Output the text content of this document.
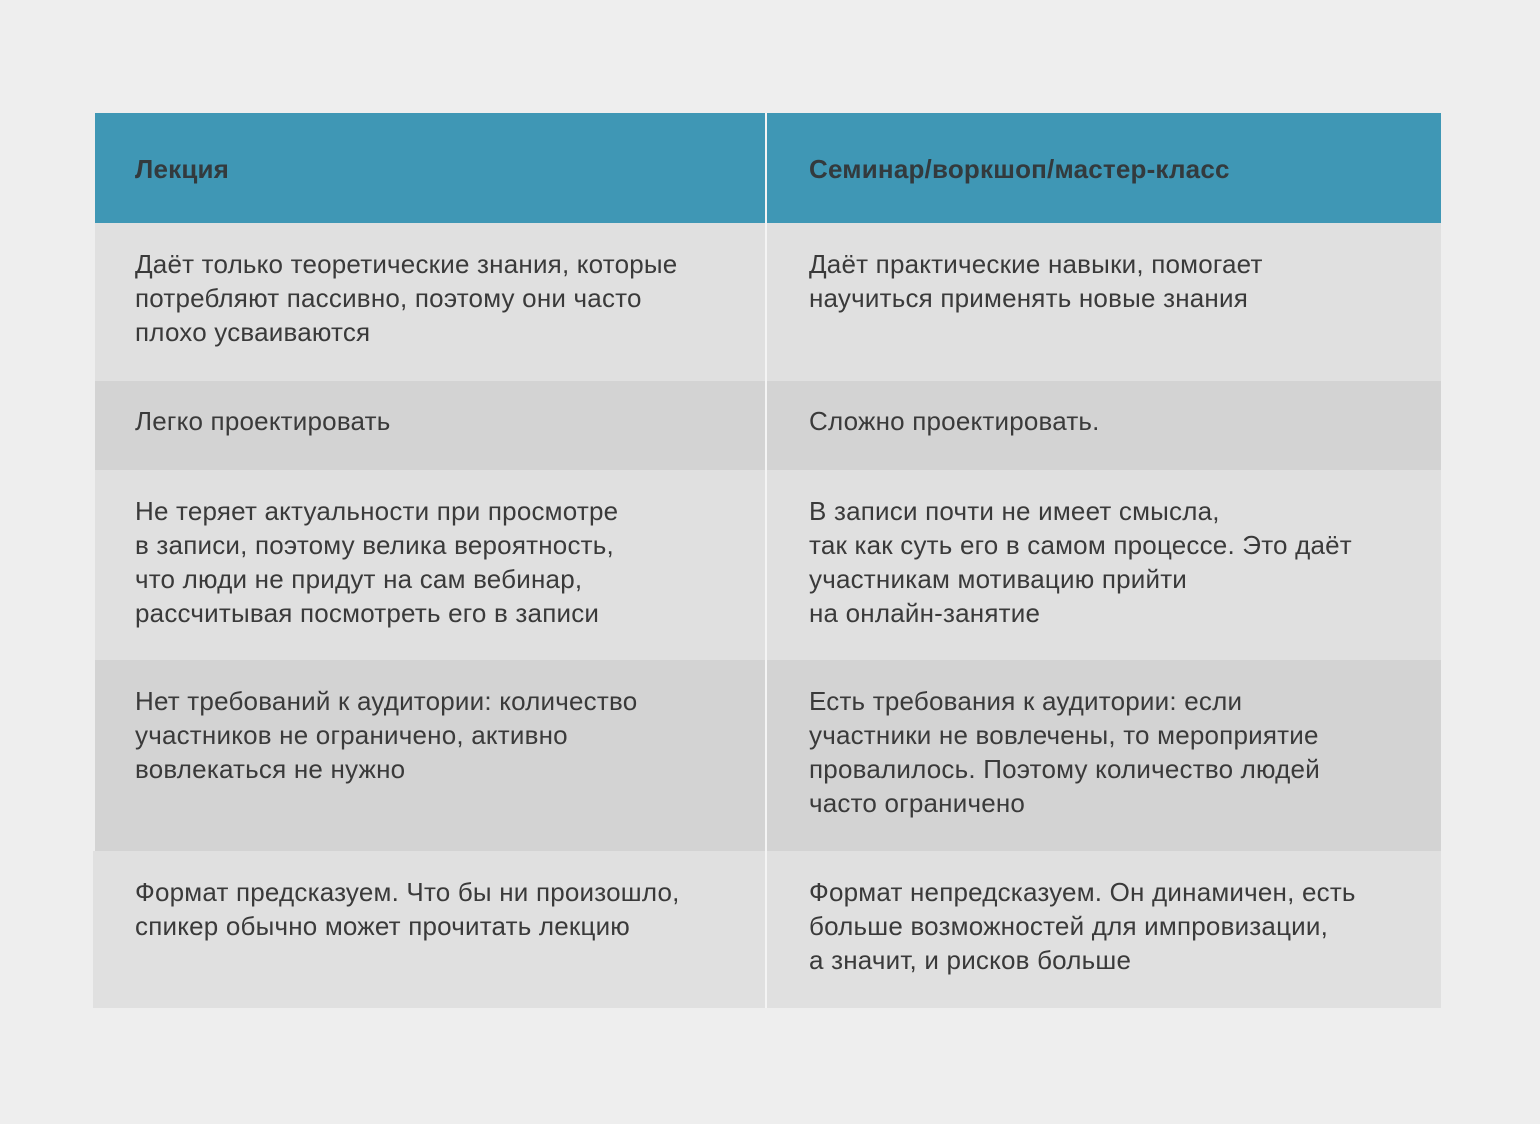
Лекция	Семинар/воркшоп/мастер-класс
Даёт только теоретические знания, которые
потребляют пассивно, поэтому они часто
плохо усваиваются
Даёт практические навыки, помогает
научиться применять новые знания
Легко проектировать	Сложно проектировать.
Не теряет актуальности при просмотре
в записи, поэтому велика вероятность,
что люди не придут на сам вебинар,
рассчитывая посмотреть его в записи
В записи почти не имеет смысла,
так как суть его в самом процессе. Это даёт
участникам мотивацию прийти
на онлайн-занятие
Нет требований к аудитории: количество
участников не ограничено, активно
вовлекаться не нужно
Есть требования к аудитории: если
участники не вовлечены, то мероприятие
провалилось. Поэтому количество людей
часто ограничено
Формат предсказуем. Что бы ни произошло,
спикер обычно может прочитать лекцию
Формат непредсказуем. Он динамичен, есть
больше возможностей для импровизации,
а значит, и рисков больше
